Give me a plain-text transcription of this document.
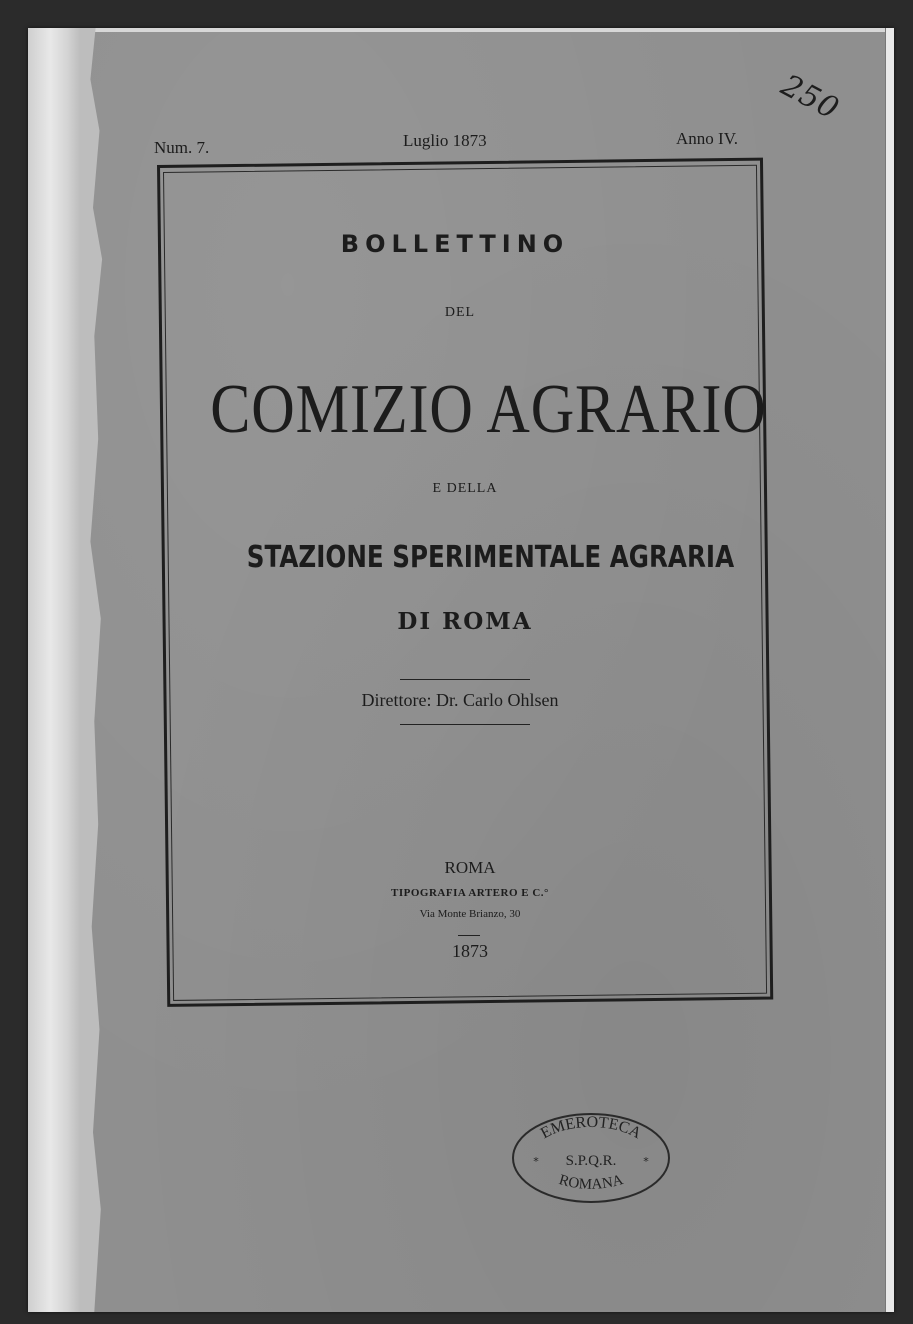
Num. 7.	Luglio 1873	Anno IV.
250
BOLLETTINO
DEL
COMIZIO AGRARIO
E DELLA
STAZIONE SPERIMENTALE AGRARIA
DI ROMA
Direttore: Dr. Carlo Ohlsen
ROMA
TIPOGRAFIA ARTERO E C.°
Via Monte Brianzo, 30
1873
EMEROTECA
S.P.Q.R.
*	*
ROMANA
